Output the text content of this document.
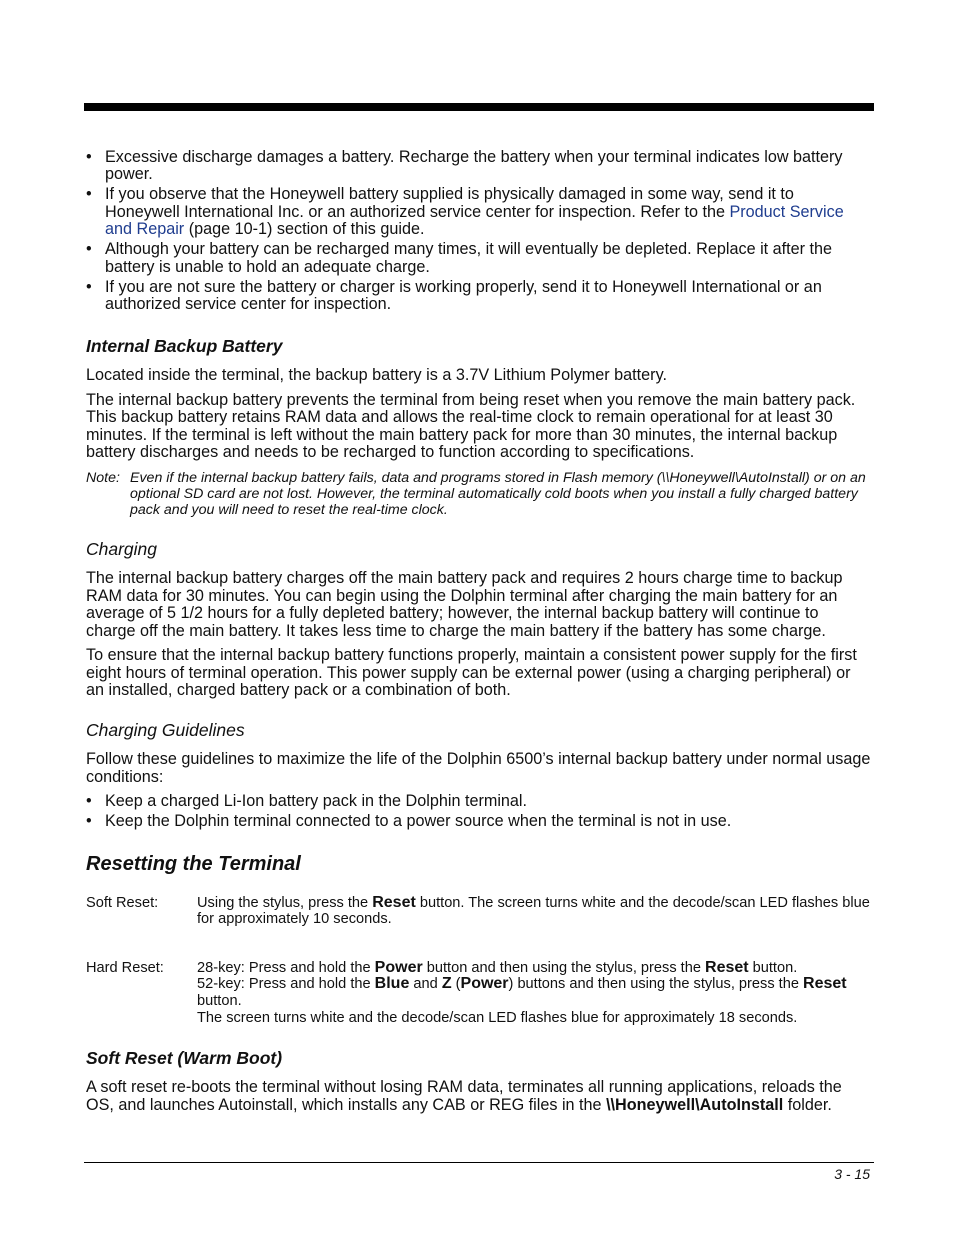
• Excessive discharge damages a battery. Recharge the battery when your terminal indicates low battery power.
• If you observe that the Honeywell battery supplied is physically damaged in some way, send it to Honeywell International Inc. or an authorized service center for inspection. Refer to the Product Service and Repair (page 10-1) section of this guide.
• Although your battery can be recharged many times, it will eventually be depleted. Replace it after the battery is unable to hold an adequate charge.
• If you are not sure the battery or charger is working properly, send it to Honeywell International or an authorized service center for inspection.
Internal Backup Battery

Located inside the terminal, the backup battery is a 3.7V Lithium Polymer battery.

The internal backup battery prevents the terminal from being reset when you remove the main battery pack. This backup battery retains RAM data and allows the real-time clock to remain operational for at least 30 minutes. If the terminal is left without the main battery pack for more than 30 minutes, the internal backup battery discharges and needs to be recharged to function according to specifications.

Note: Even if the internal backup battery fails, data and programs stored in Flash memory (\\Honeywell\AutoInstall) or on an optional SD card are not lost. However, the terminal automatically cold boots when you install a fully charged battery pack and you will need to reset the real-time clock.
Charging

The internal backup battery charges off the main battery pack and requires 2 hours charge time to backup RAM data for 30 minutes. You can begin using the Dolphin terminal after charging the main battery for an average of 5 1/2 hours for a fully depleted battery; however, the internal backup battery will continue to charge off the main battery. It takes less time to charge the main battery if the battery has some charge.

To ensure that the internal backup battery functions properly, maintain a consistent power supply for the first eight hours of terminal operation. This power supply can be external power (using a charging peripheral) or an installed, charged battery pack or a combination of both.

Charging Guidelines

Follow these guidelines to maximize the life of the Dolphin 6500’s internal backup battery under normal usage conditions:

• Keep a charged Li-Ion battery pack in the Dolphin terminal.
• Keep the Dolphin terminal connected to a power source when the terminal is not in use.
Resetting the Terminal
Soft Reset:	Using the stylus, press the Reset button. The screen turns white and the decode/scan LED flashes blue for approximately 10 seconds.
Hard Reset:	28-key: Press and hold the Power button and then using the stylus, press the Reset button.
52-key: Press and hold the Blue and Z (Power) buttons and then using the stylus, press the Reset button.
The screen turns white and the decode/scan LED flashes blue for approximately 18 seconds.
Soft Reset (Warm Boot)

A soft reset re-boots the terminal without losing RAM data, terminates all running applications, reloads the OS, and launches Autoinstall, which installs any CAB or REG files in the \\Honeywell\AutoInstall folder.

3 - 15
